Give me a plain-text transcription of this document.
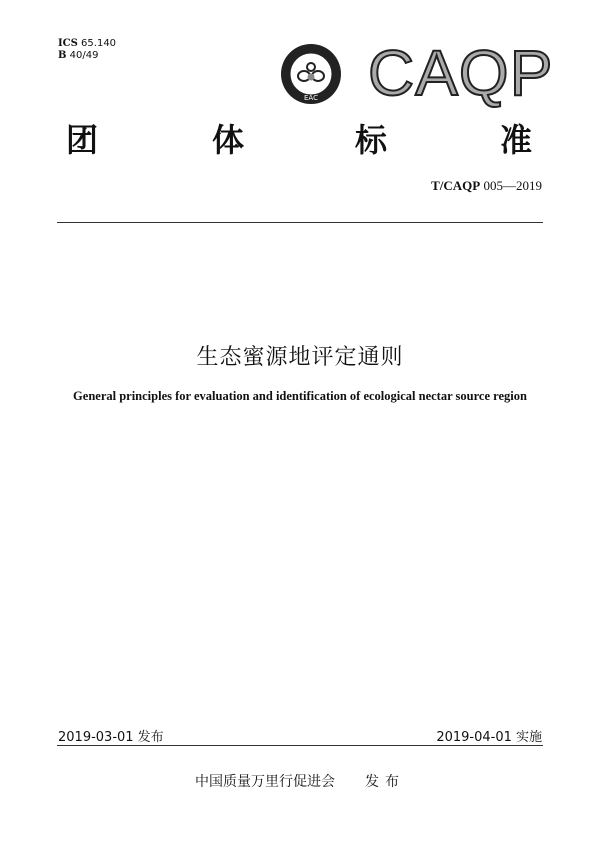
ICS 65.140
B 40/49
EAC CAQP
团	体	标	准
T/CAQP 005—2019
生态蜜源地评定通则
General principles for evaluation and identification of ecological nectar source region
2019-03-01 发布	2019-04-01 实施
中国质量万里行促进会 发布
